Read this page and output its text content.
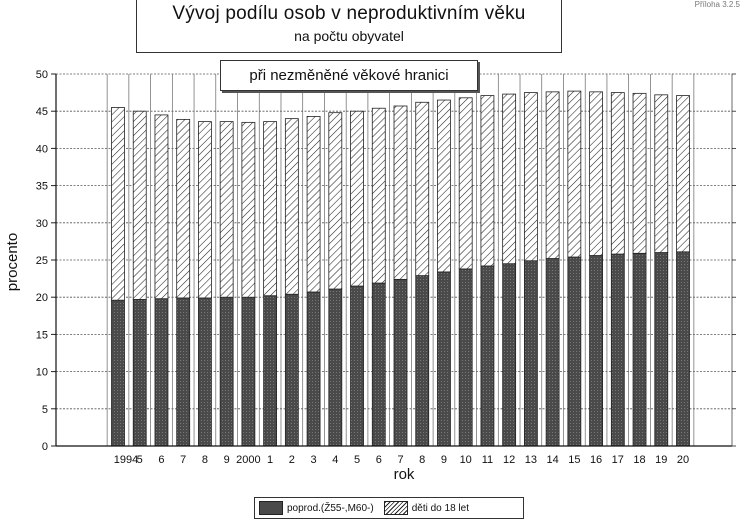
0
5
10
15
20
25
30
35
40
45
50
1994
5 6 7 8 9 2000 1 2 3 4 5 6 7 8 9 10 11 12 13 14 15 16 17 18 19 20
procento
rok
Vývoj podílu osob v neproduktivním věku
na počtu obyvatel
při nezměněné věkové hranici
Příloha 3.2.5
poprod.(Ž55-,M60-)	děti do 18 let
